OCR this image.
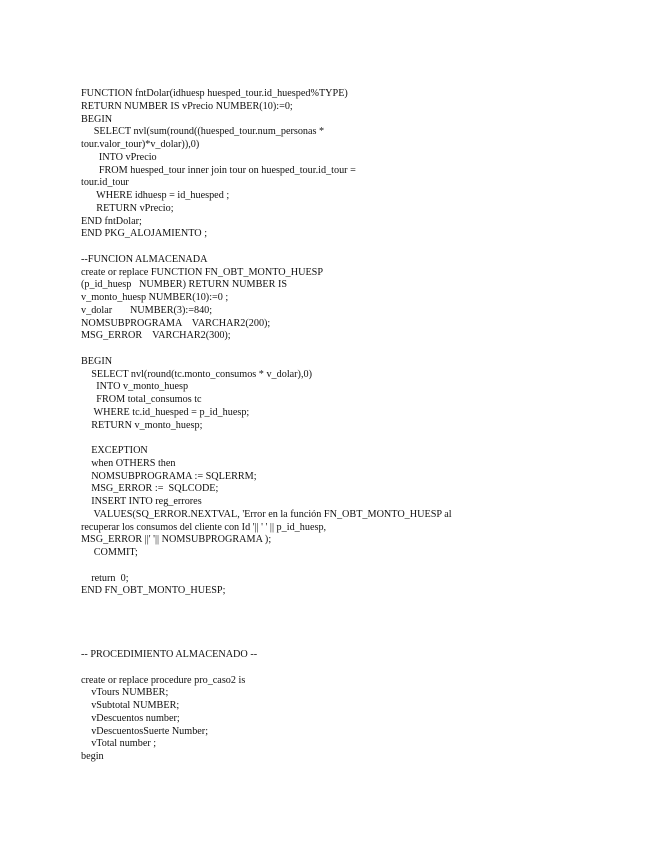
FUNCTION fntDolar(idhuesp huesped_tour.id_huesped%TYPE)
RETURN NUMBER IS vPrecio NUMBER(10):=0;
BEGIN
SELECT nvl(sum(round((huesped_tour.num_personas *
tour.valor_tour)*v_dolar)),0)
INTO vPrecio
FROM huesped_tour inner join tour on huesped_tour.id_tour =
tour.id_tour
WHERE idhuesp = id_huesped ;
RETURN vPrecio;
END fntDolar;
END PKG_ALOJAMIENTO ;
--FUNCION ALMACENADA
create or replace FUNCTION FN_OBT_MONTO_HUESP
(p_id_huesp   NUMBER) RETURN NUMBER IS
v_monto_huesp NUMBER(10):=0 ;
v_dolar       NUMBER(3):=840;
NOMSUBPROGRAMA    VARCHAR2(200);
MSG_ERROR    VARCHAR2(300);
BEGIN
SELECT nvl(round(tc.monto_consumos * v_dolar),0)
INTO v_monto_huesp
FROM total_consumos tc
WHERE tc.id_huesped = p_id_huesp;
RETURN v_monto_huesp;
EXCEPTION
when OTHERS then
NOMSUBPROGRAMA := SQLERRM;
MSG_ERROR :=  SQLCODE;
INSERT INTO reg_errores
VALUES(SQ_ERROR.NEXTVAL, 'Error en la función FN_OBT_MONTO_HUESP al
recuperar los consumos del cliente con Id '|| ' ' || p_id_huesp,
MSG_ERROR ||' '|| NOMSUBPROGRAMA );
COMMIT;
return  0;
END FN_OBT_MONTO_HUESP;
-- PROCEDIMIENTO ALMACENADO --
create or replace procedure pro_caso2 is
vTours NUMBER;
vSubtotal NUMBER;
vDescuentos number;
vDescuentosSuerte Number;
vTotal number ;
begin
